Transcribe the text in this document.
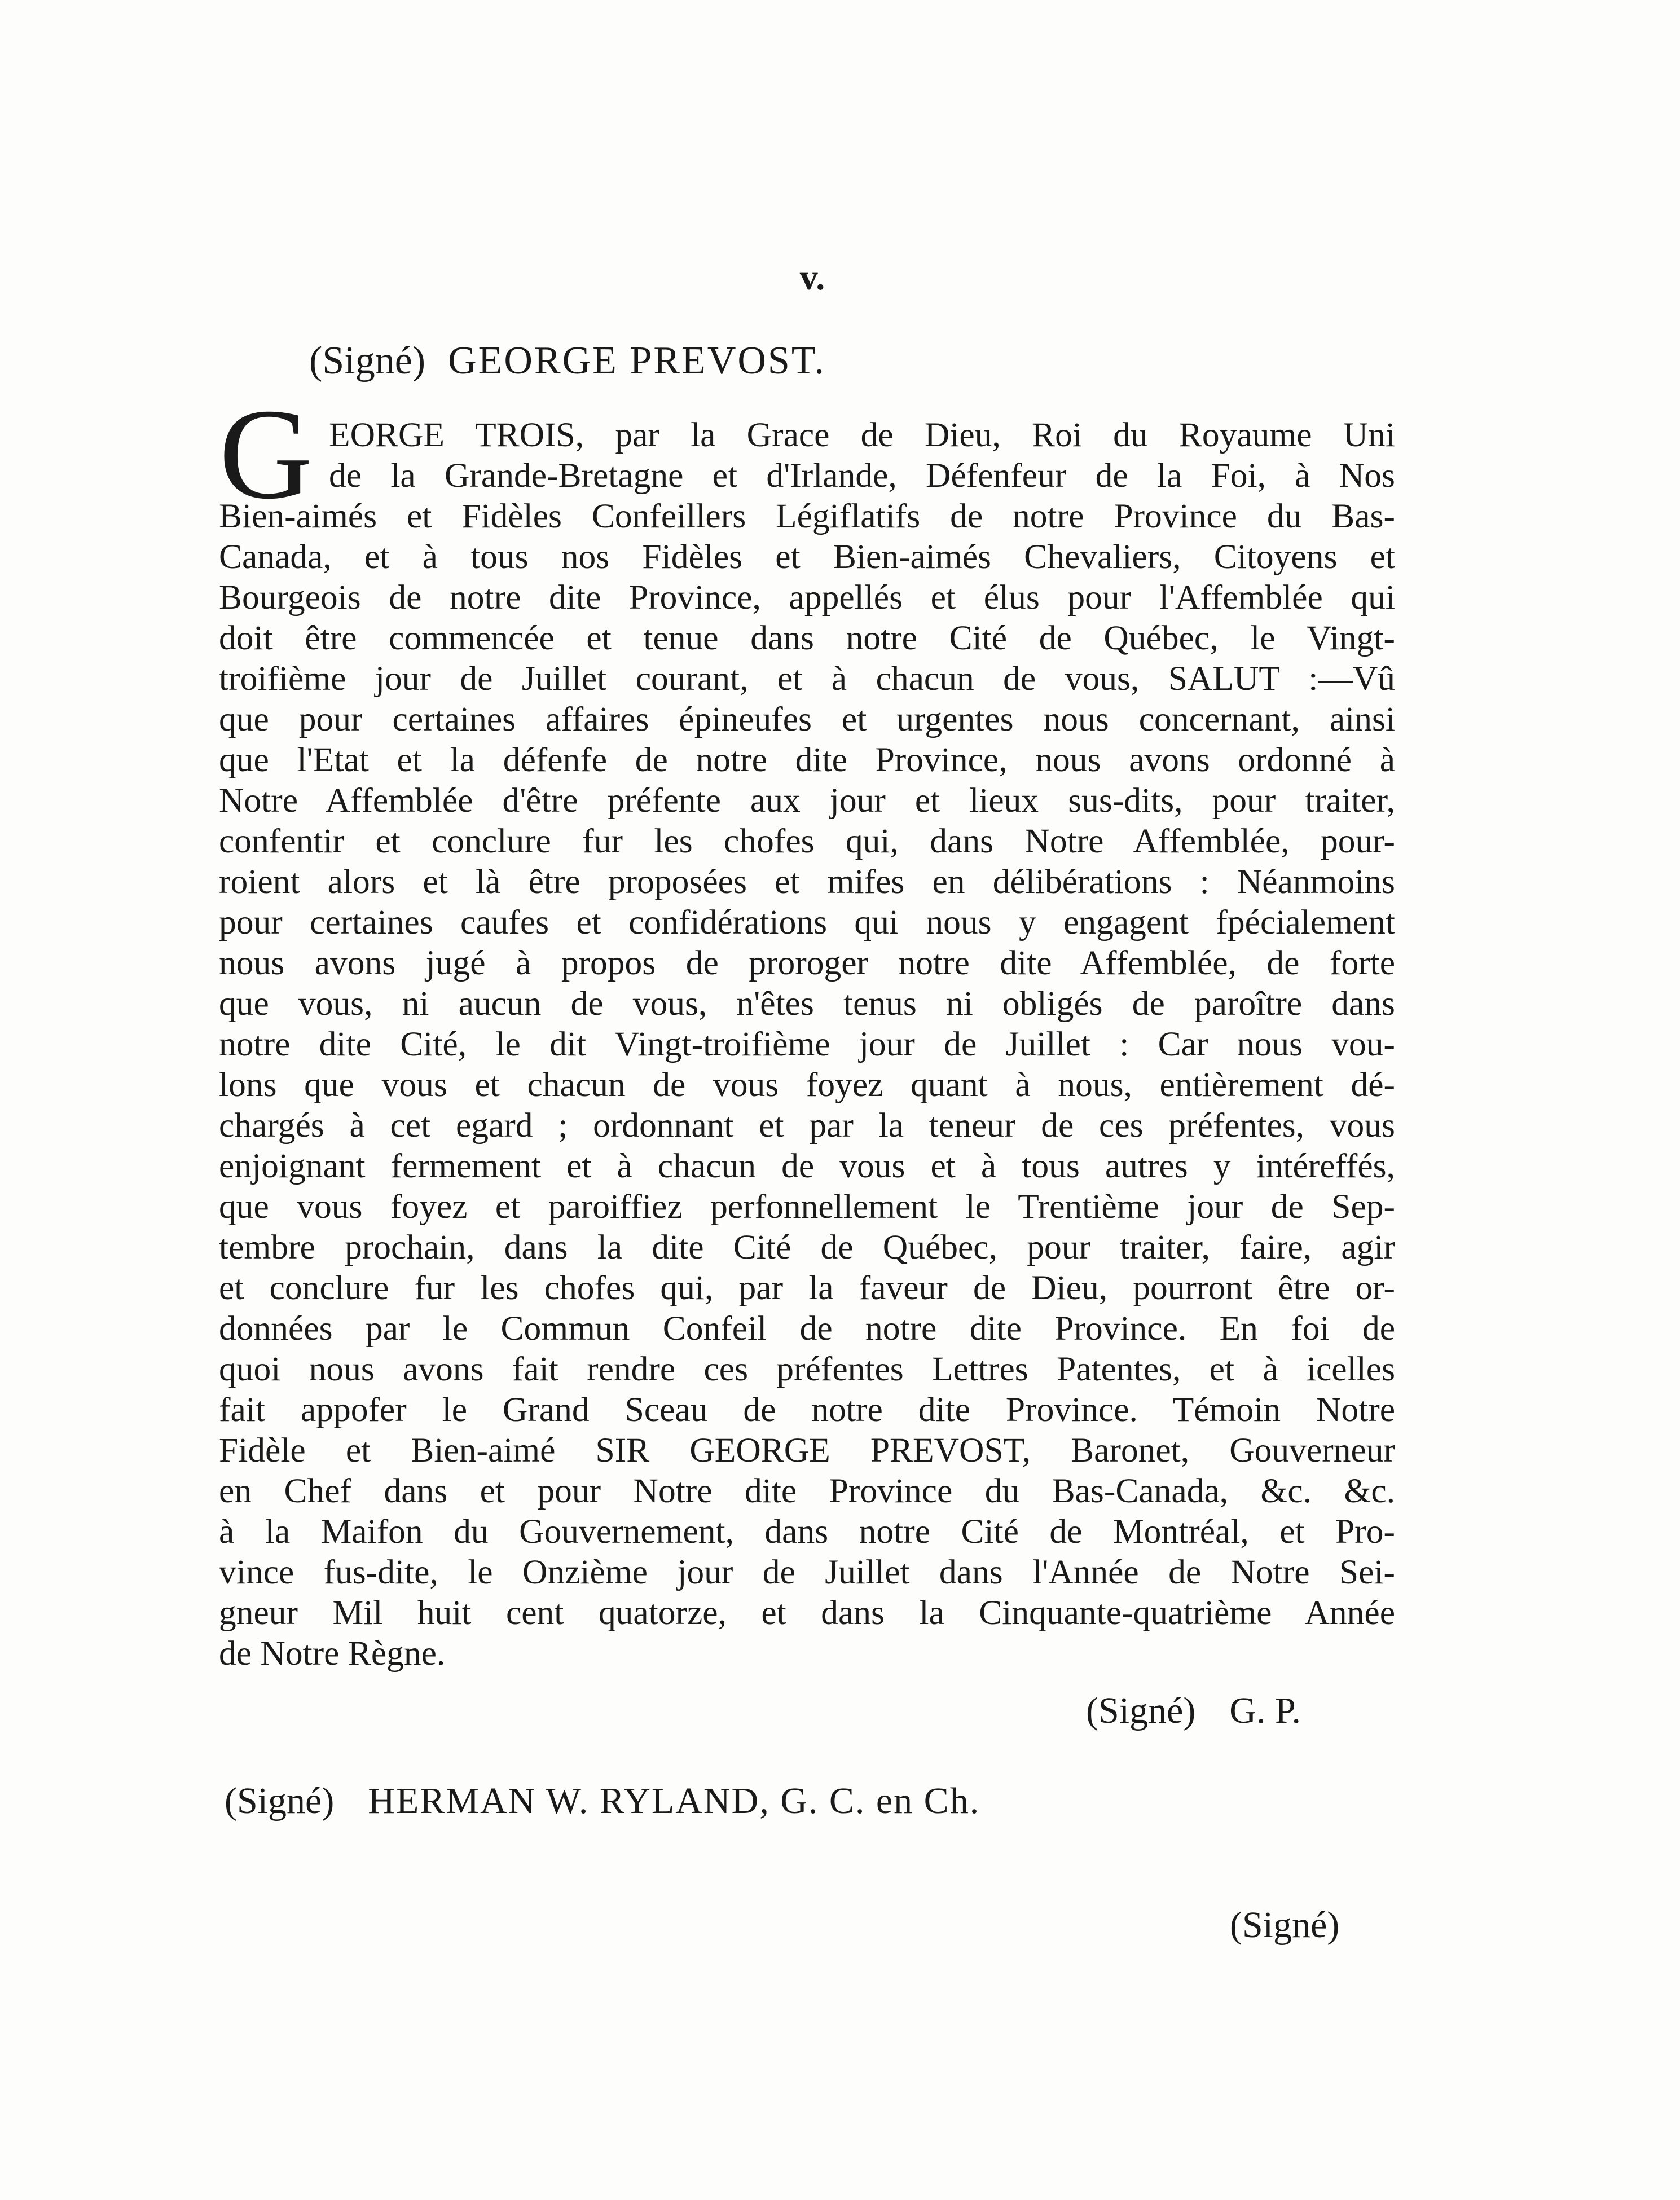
v.
(Signé) GEORGE PREVOST.
G EORGE TROIS, par la Grace de Dieu, Roi du Royaume Uni
de la Grande-Bretagne et d'Irlande, Défenfeur de la Foi, à Nos
Bien-aimés et Fidèles Confeillers Légiflatifs de notre Province du Bas-
Canada, et à tous nos Fidèles et Bien-aimés Chevaliers, Citoyens et
Bourgeois de notre dite Province, appellés et élus pour l'Affemblée qui
doit être commencée et tenue dans notre Cité de Québec, le Vingt-
troifième jour de Juillet courant, et à chacun de vous, SALUT :—Vû
que pour certaines affaires épineufes et urgentes nous concernant, ainsi
que l'Etat et la défenfe de notre dite Province, nous avons ordonné à
Notre Affemblée d'être préfente aux jour et lieux sus-dits, pour traiter,
confentir et conclure fur les chofes qui, dans Notre Affemblée, pour-
roient alors et là être proposées et mifes en délibérations : Néanmoins
pour certaines caufes et confidérations qui nous y engagent fpécialement
nous avons jugé à propos de proroger notre dite Affemblée, de forte
que vous, ni aucun de vous, n'êtes tenus ni obligés de paroître dans
notre dite Cité, le dit Vingt-troifième jour de Juillet : Car nous vou-
lons que vous et chacun de vous foyez quant à nous, entièrement dé-
chargés à cet egard ; ordonnant et par la teneur de ces préfentes, vous
enjoignant fermement et à chacun de vous et à tous autres y intéreffés,
que vous foyez et paroiffiez perfonnellement le Trentième jour de Sep-
tembre prochain, dans la dite Cité de Québec, pour traiter, faire, agir
et conclure fur les chofes qui, par la faveur de Dieu, pourront être or-
données par le Commun Confeil de notre dite Province. En foi de
quoi nous avons fait rendre ces préfentes Lettres Patentes, et à icelles
fait appofer le Grand Sceau de notre dite Province. Témoin Notre
Fidèle et Bien-aimé SIR GEORGE PREVOST, Baronet, Gouverneur
en Chef dans et pour Notre dite Province du Bas-Canada, &c. &c.
à la Maifon du Gouvernement, dans notre Cité de Montréal, et Pro-
vince fus-dite, le Onzième jour de Juillet dans l'Année de Notre Sei-
gneur Mil huit cent quatorze, et dans la Cinquante-quatrième Année
de Notre Règne.
(Signé) G. P.
(Signé) HERMAN W. RYLAND, G. C. en Ch.
(Signé)
